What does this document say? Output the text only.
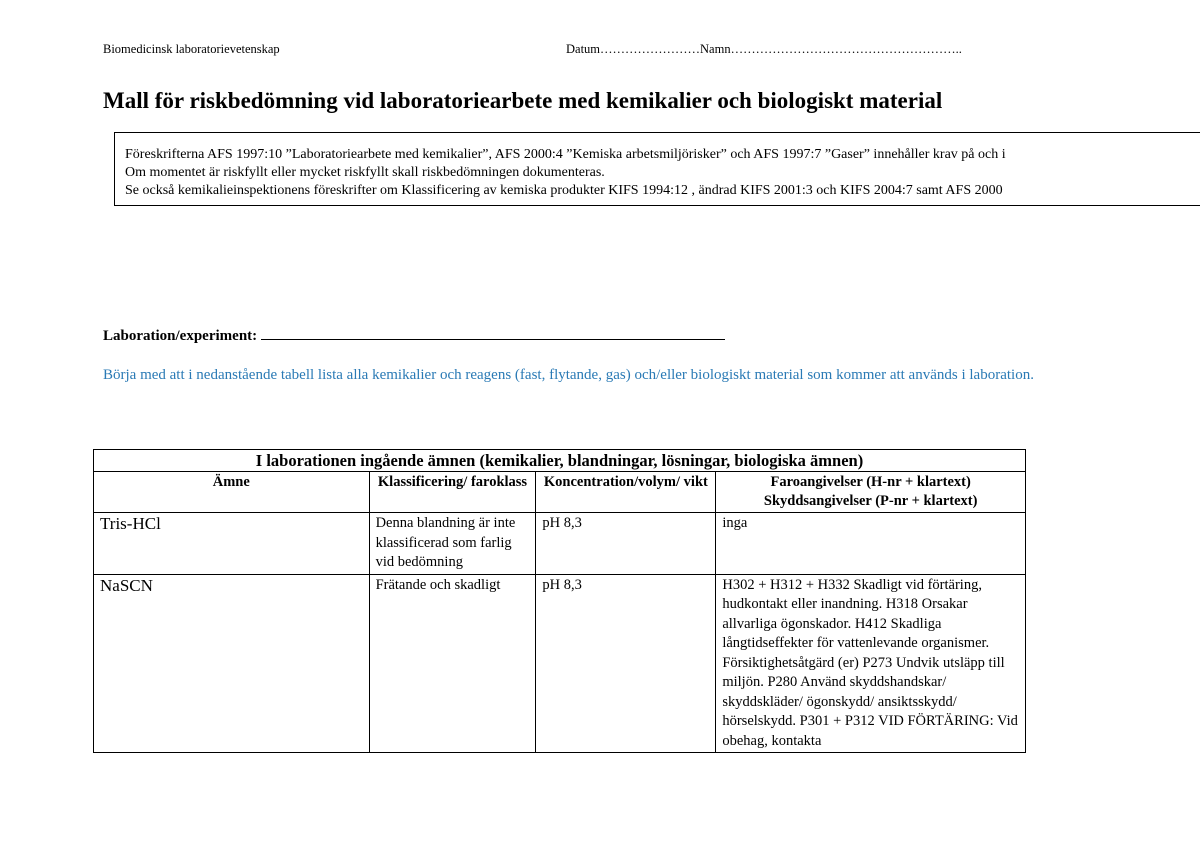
Biomedicinsk laboratorievetenskap	Datum……………………Namn………………………………………………..
Mall för riskbedömning vid laboratoriearbete med kemikalier och biologiskt material
Föreskrifterna AFS 1997:10 ”Laboratoriearbete med kemikalier”, AFS 2000:4 ”Kemiska arbetsmiljörisker” och AFS 1997:7 ”Gaser” innehåller krav på och i
Om momentet är riskfyllt eller mycket riskfyllt skall riskbedömningen dokumenteras.
Se också kemikalieinspektionens föreskrifter om Klassificering av kemiska produkter KIFS 1994:12 , ändrad KIFS 2001:3 och KIFS 2004:7 samt AFS 2000
Laboration/experiment:
Börja med att i nedanstående tabell lista alla kemikalier och reagens (fast, flytande, gas) och/eller biologiskt material som kommer att används i laboration.
I laborationen ingående ämnen (kemikalier, blandningar, lösningar, biologiska ämnen)			
Ämne	Klassificering/ faroklass	Koncentration/volym/ vikt	Faroangivelser (H-nr + klartext)
Skyddsangivelser (P-nr + klartext)

Tris-HCl	Denna blandning är inte klassificerad som farlig vid bedömning	pH 8,3	inga
NaSCN	Frätande och skadligt	pH 8,3	H302 + H312 + H332 Skadligt vid förtäring, hudkontakt eller inandning. H318 Orsakar allvarliga ögonskador. H412 Skadliga långtidseffekter för vattenlevande organismer. Försiktighetsåtgärd (er) P273 Undvik utsläpp till miljön. P280 Använd skyddshandskar/ skyddskläder/ ögonskydd/ ansiktsskydd/ hörselskydd. P301 + P312 VID FÖRTÄRING: Vid obehag, kontakta
